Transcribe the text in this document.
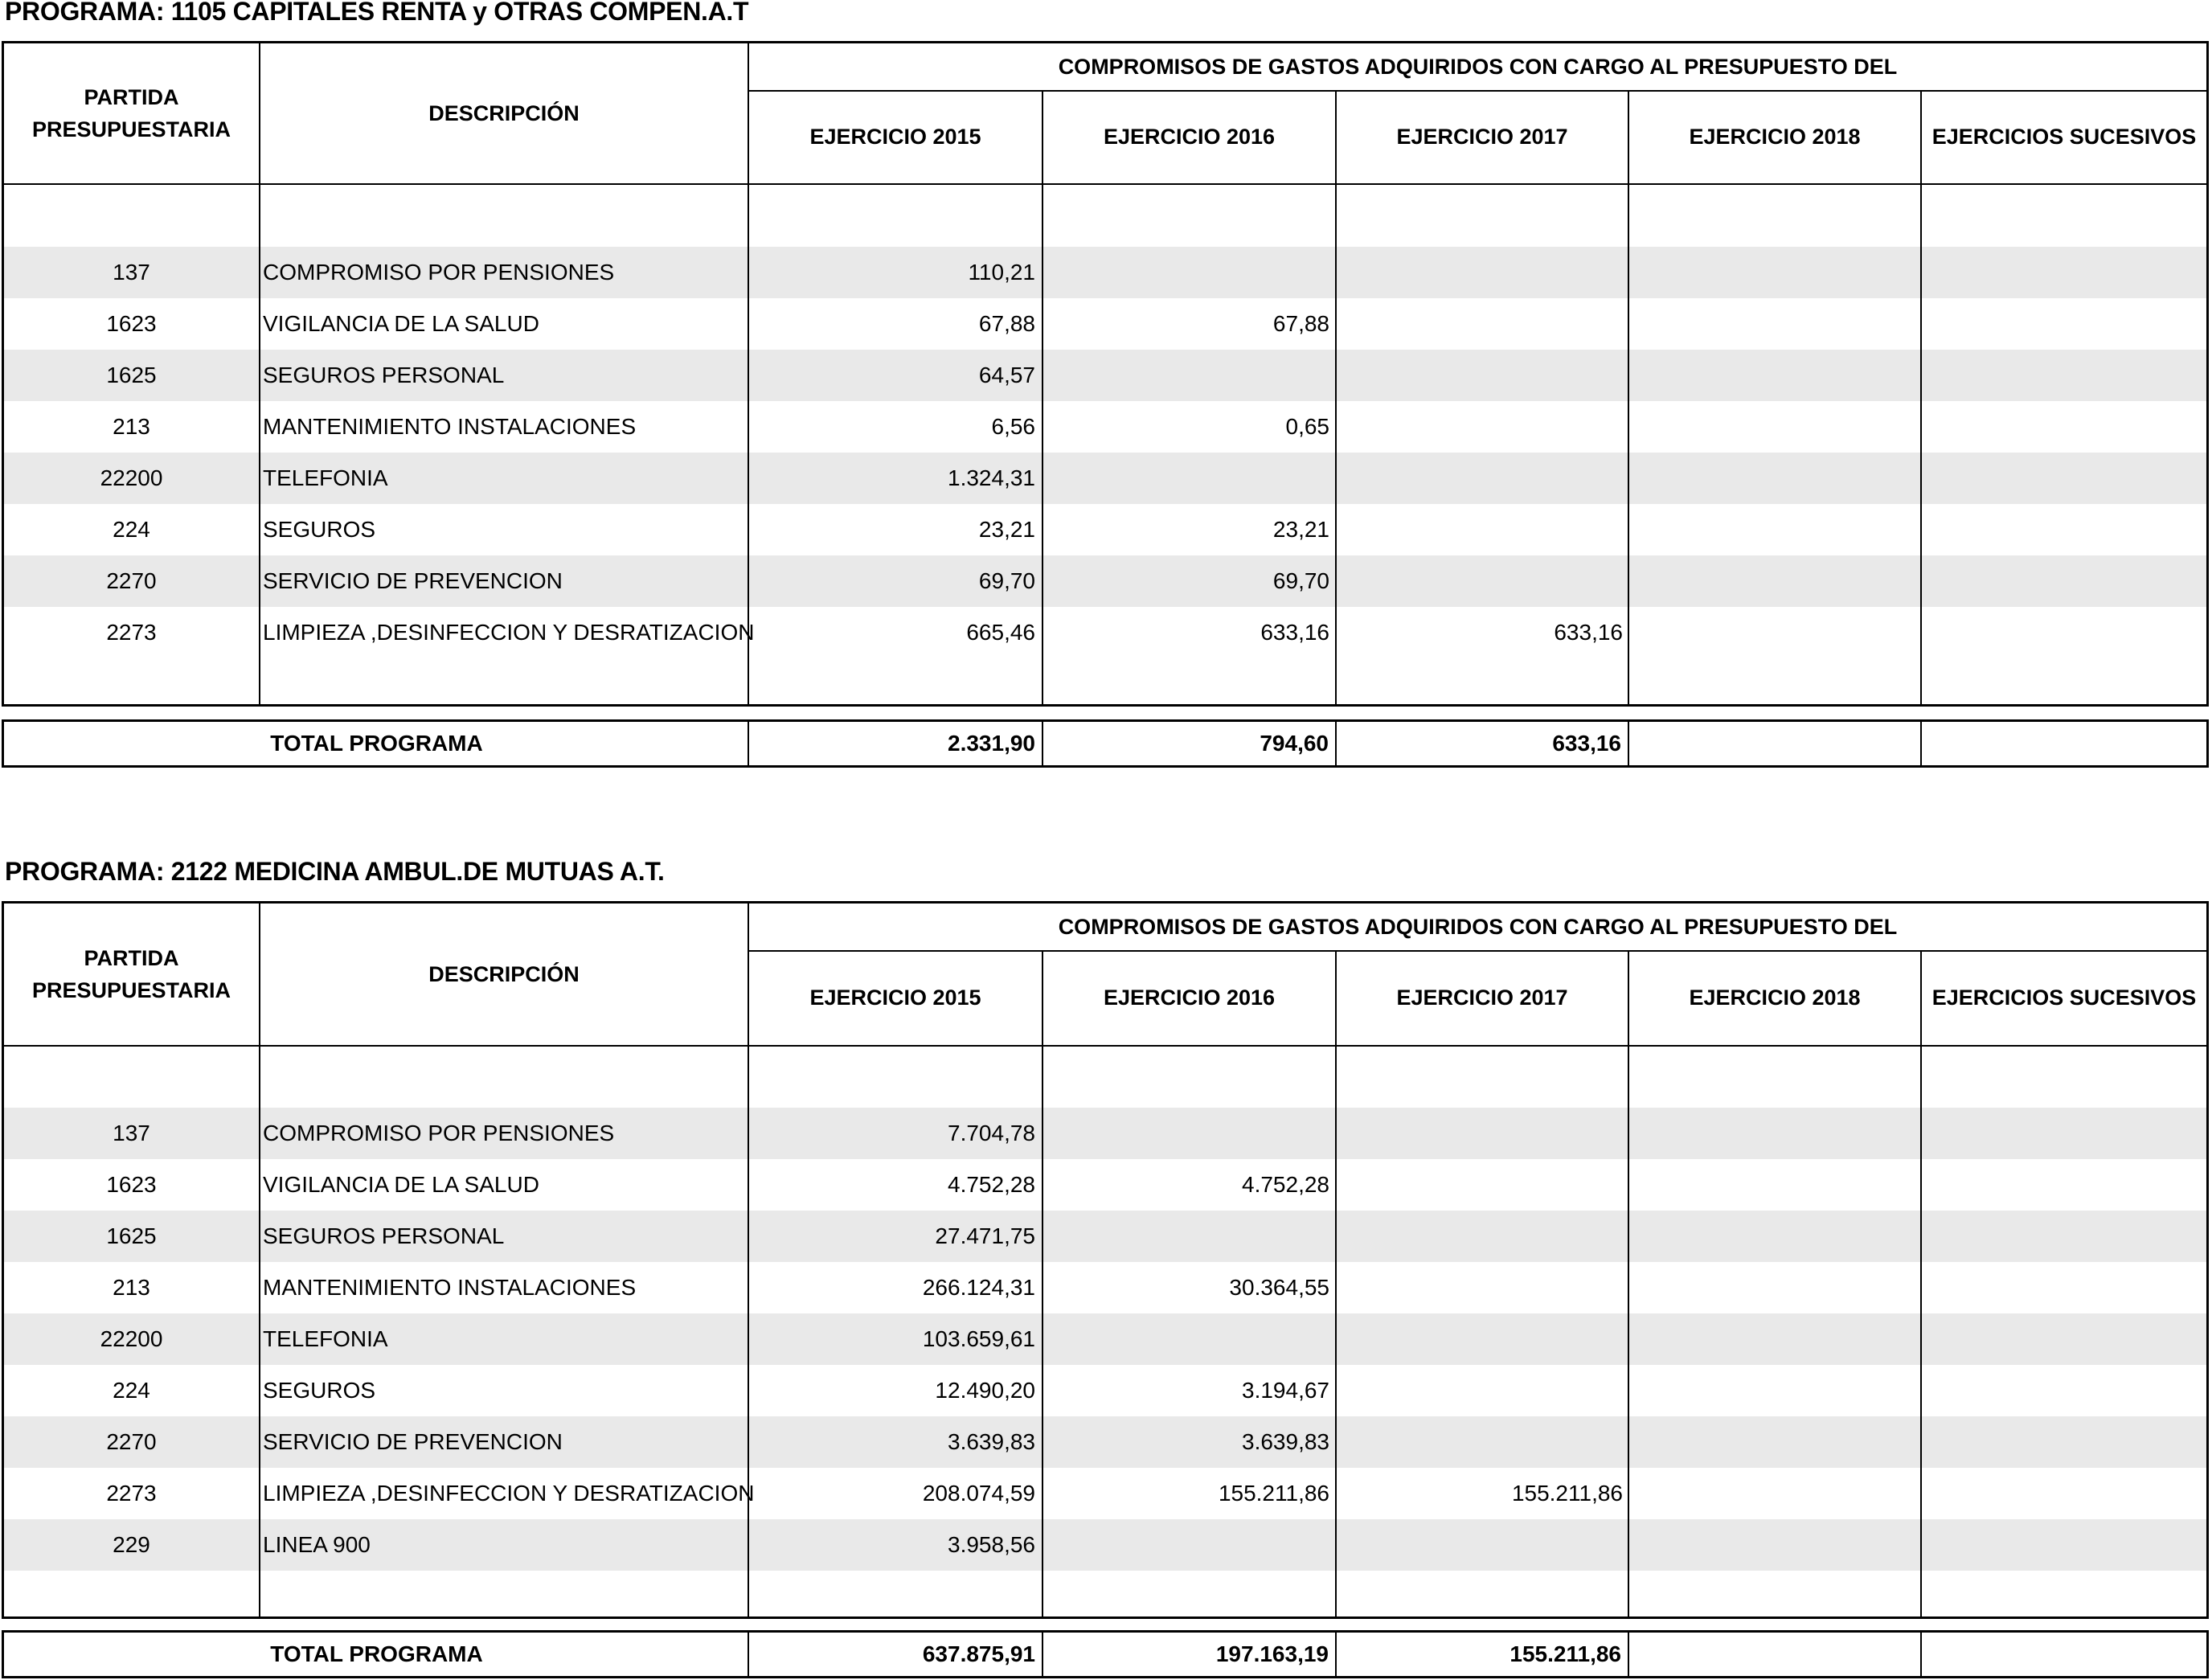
PROGRAMA: 1105 CAPITALES RENTA y OTRAS COMPEN.A.T
PARTIDA PRESUPUESTARIA
DESCRIPCIÓN
COMPROMISOS DE GASTOS ADQUIRIDOS CON CARGO AL PRESUPUESTO DEL
EJERCICIO 2015	EJERCICIO 2016	EJERCICIO 2017	EJERCICIO 2018	EJERCICIOS SUCESIVOS
137	COMPROMISO POR PENSIONES	110,21
1623	VIGILANCIA DE LA SALUD	67,88	67,88
1625	SEGUROS PERSONAL	64,57
213	MANTENIMIENTO INSTALACIONES	6,56	0,65
22200	TELEFONIA	1.324,31
224	SEGUROS	23,21	23,21
2270	SERVICIO DE PREVENCION	69,70	69,70
2273	LIMPIEZA ,DESINFECCION Y DESRATIZACION	665,46	633,16	633,16
TOTAL PROGRAMA	2.331,90	794,60	633,16
PROGRAMA: 2122 MEDICINA AMBUL.DE MUTUAS A.T.
PARTIDA PRESUPUESTARIA
DESCRIPCIÓN
COMPROMISOS DE GASTOS ADQUIRIDOS CON CARGO AL PRESUPUESTO DEL
EJERCICIO 2015	EJERCICIO 2016	EJERCICIO 2017	EJERCICIO 2018	EJERCICIOS SUCESIVOS
137	COMPROMISO POR PENSIONES	7.704,78
1623	VIGILANCIA DE LA SALUD	4.752,28	4.752,28
1625	SEGUROS PERSONAL	27.471,75
213	MANTENIMIENTO INSTALACIONES	266.124,31	30.364,55
22200	TELEFONIA	103.659,61
224	SEGUROS	12.490,20	3.194,67
2270	SERVICIO DE PREVENCION	3.639,83	3.639,83
2273	LIMPIEZA ,DESINFECCION Y DESRATIZACION	208.074,59	155.211,86	155.211,86
229	LINEA 900	3.958,56
TOTAL PROGRAMA	637.875,91	197.163,19	155.211,86
